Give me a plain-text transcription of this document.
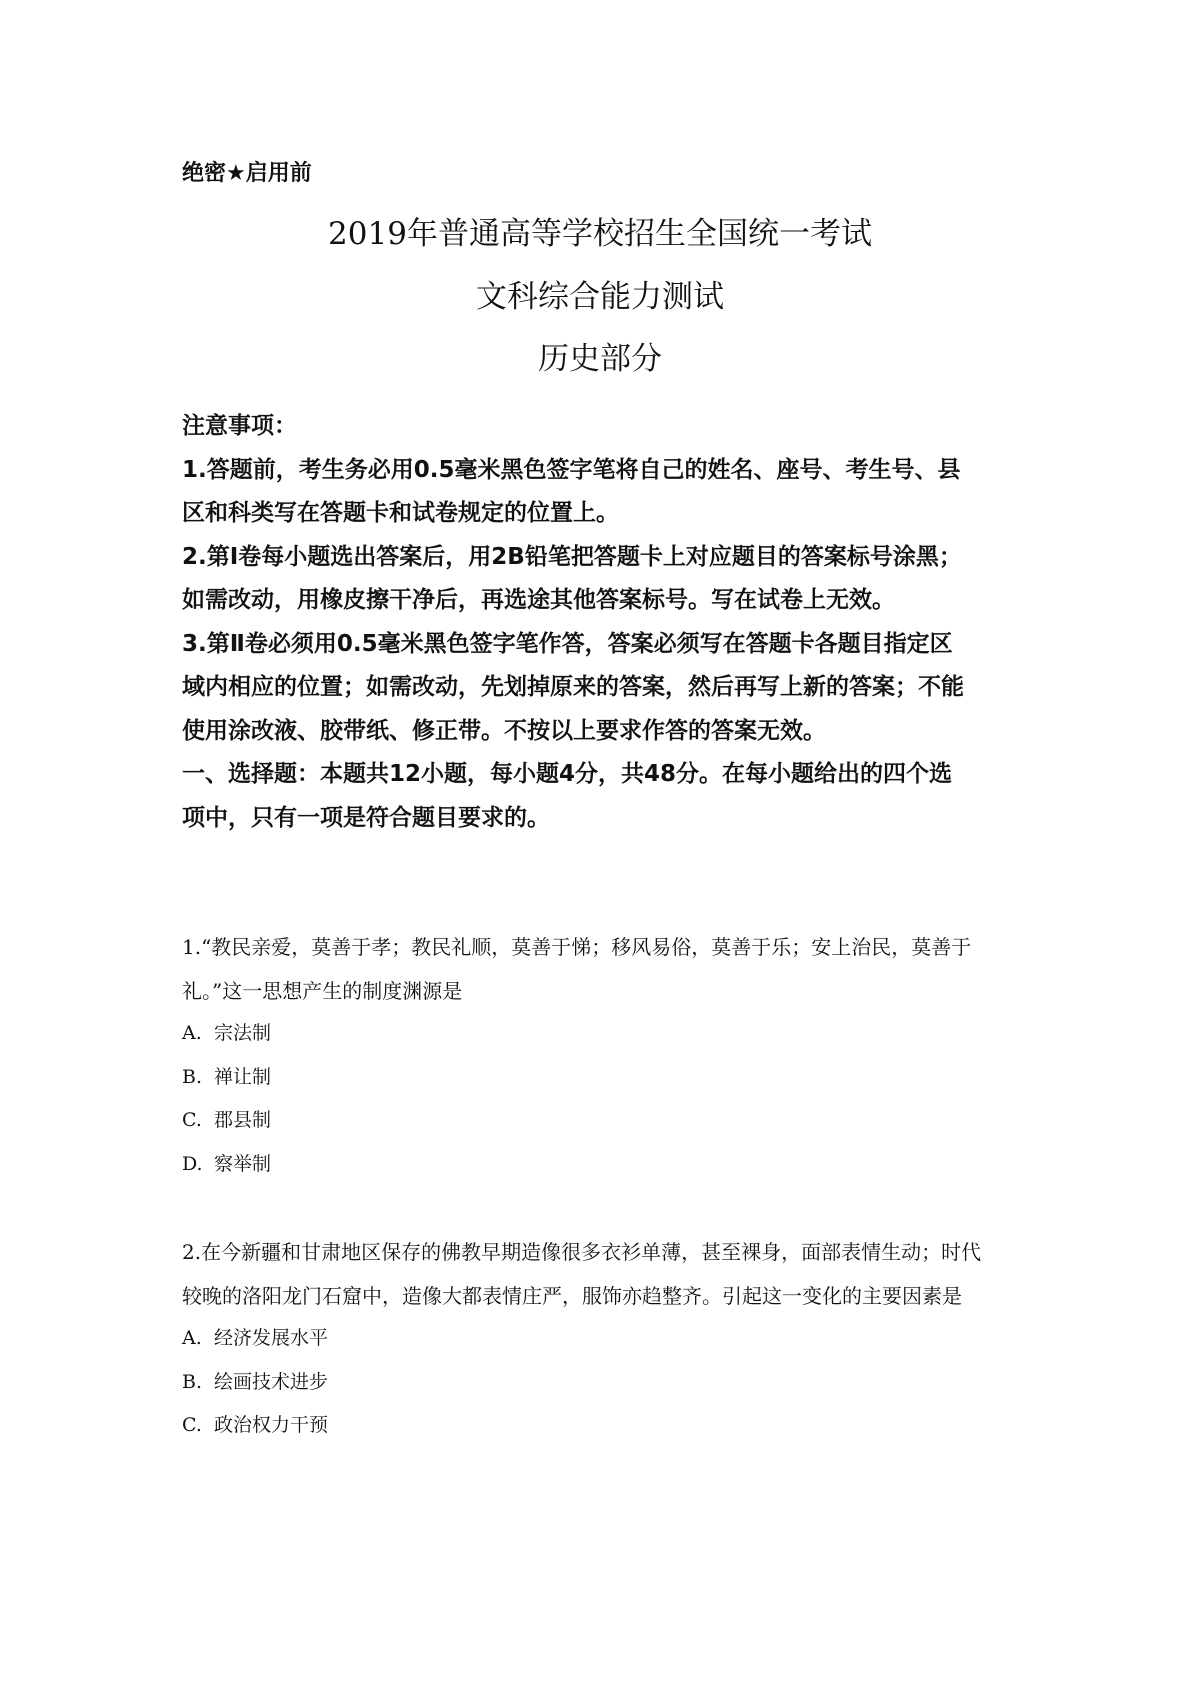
绝密★启用前
2019年普通高等学校招生全国统一考试
文科综合能力测试
历史部分
注意事项：
1.答题前，考生务必用0.5毫米黑色签字笔将自己的姓名、座号、考生号、县
区和科类写在答题卡和试卷规定的位置上。
2.第Ⅰ卷每小题选出答案后，用2B铅笔把答题卡上对应题目的答案标号涂黑；
如需改动，用橡皮擦干净后，再选途其他答案标号。写在试卷上无效。
3.第Ⅱ卷必须用0.5毫米黑色签字笔作答，答案必须写在答题卡各题目指定区
域内相应的位置；如需改动，先划掉原来的答案，然后再写上新的答案；不能
使用涂改液、胶带纸、修正带。不按以上要求作答的答案无效。
一、选择题：本题共12小题，每小题4分，共48分。在每小题给出的四个选
项中，只有一项是符合题目要求的。
1.“教民亲爱，莫善于孝；教民礼顺，莫善于悌；移风易俗，莫善于乐；安上治民，莫善于
礼。”这一思想产生的制度渊源是
A. 宗法制
B. 禅让制
C. 郡县制
D. 察举制
2.在今新疆和甘肃地区保存的佛教早期造像很多衣衫单薄，甚至裸身，面部表情生动；时代
较晚的洛阳龙门石窟中，造像大都表情庄严，服饰亦趋整齐。引起这一变化的主要因素是
A. 经济发展水平
B. 绘画技术进步
C. 政治权力干预
